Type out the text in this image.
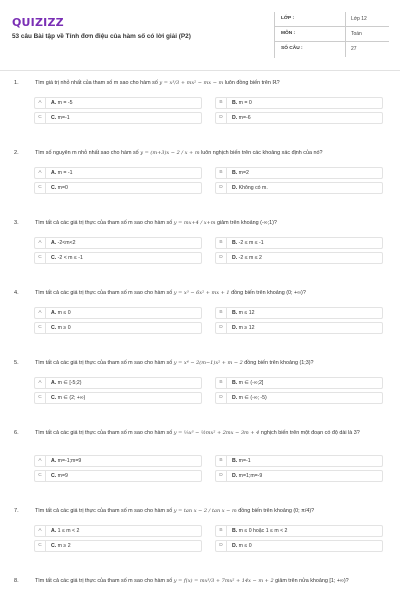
QUIZIZZ
53 câu Bài tập về Tính đơn điệu của hàm số có lời giải (P2)
LỚP :	Lớp 12
MÔN :	Toán
SỐ CÂU :	27
1.	Tìm giá trị nhỏ nhất của tham số m sao cho hàm số y = x³/3 + mx² − mx − m luôn đồng biến trên ℝ?
A	A. m = -5	B	B. m = 0
C	C. m=-1	D	D. m=-6
2.	Tìm số nguyên m nhỏ nhất sao cho hàm số y = (m+3)x − 2 / x + m luôn nghịch biến trên các khoảng xác định của nó?
A	A. m = -1	B	B. m=2
C	C. m=0	D	D. Không có m.
3.	Tìm tất cả các giá trị thực của tham số m sao cho hàm số y = mx+4 / x+m giảm trên khoảng (-∞;1)?
A	A. -2<m<2	B	B. -2 ≤ m ≤ -1
C	C. -2 < m ≤ -1	D	D. -2 ≤ m ≤ 2
4.	Tìm tất cả các giá trị thực của tham số m sao cho hàm số y = x³ − 6x² + mx + 1 đồng biến trên khoảng (0; +∞)?
A	A. m ≤ 0	B	B. m ≤ 12
C	C. m ≥ 0	D	D. m ≥ 12
5.	Tìm tất cả các giá trị thực của tham số m sao cho hàm số y = x⁴ − 2(m−1)x² + m − 2 đồng biến trên khoảng (1;3)?
A	A. m ∈ [-5;2)	B	B. m ∈ (-∞;2]
C	C. m ∈ (2; +∞)	D	D. m ∈ (-∞; -5)
6.	Tìm tất cả các giá trị thực của tham số m sao cho hàm số y = ⅓x³ − ½mx² + 2mx − 3m + 4 nghịch biến trên một đoạn có độ dài là 3?
A	A. m=-1;m=9	B	B. m=-1
C	C. m=9	D	D. m=1;m=-9
7.	Tìm tất cả các giá trị thực của tham số m sao cho hàm số y = tan x − 2 / tan x − m đồng biến trên khoảng (0; π/4)?
A	A. 1 ≤ m < 2	B	B. m ≤ 0 hoặc 1 ≤ m < 2
C	C. m ≥ 2	D	D. m ≤ 0
8.	Tìm tất cả các giá trị thực của tham số m sao cho hàm số y = f(x) = mx³/3 + 7mx² + 14x − m + 2 giảm trên nửa khoảng [1; +∞)?
